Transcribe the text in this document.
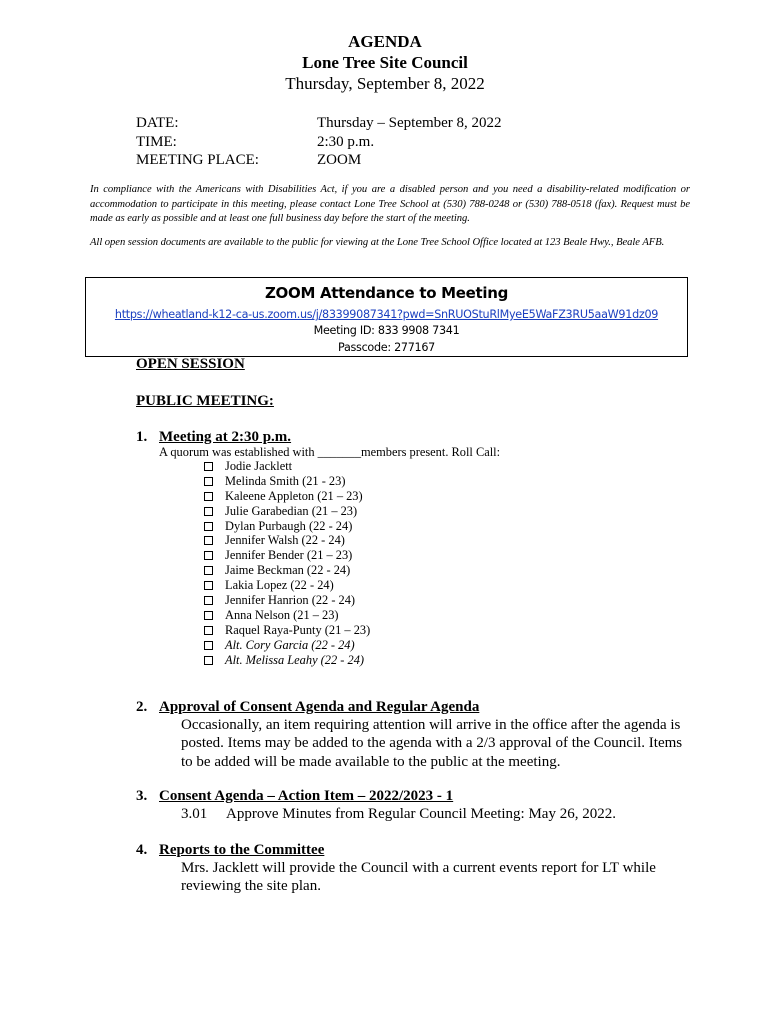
AGENDA
Lone Tree Site Council
Thursday, September 8, 2022
DATE:	Thursday – September 8, 2022
TIME:	2:30 p.m.
MEETING PLACE:	ZOOM
In compliance with the Americans with Disabilities Act, if you are a disabled person and you need a disability-related modification or accommodation to participate in this meeting, please contact Lone Tree School at (530) 788-0248 or (530) 788-0518 (fax). Request must be made as early as possible and at least one full business day before the start of the meeting.
All open session documents are available to the public for viewing at the Lone Tree School Office located at 123 Beale Hwy., Beale AFB.
ZOOM Attendance to Meeting
https://wheatland-k12-ca-us.zoom.us/j/83399087341?pwd=SnRUOStuRlMyeE5WaFZ3RU5aaW91dz09
Meeting ID: 833 9908 7341
Passcode: 277167
OPEN SESSION
PUBLIC MEETING:
1. Meeting at 2:30 p.m.
A quorum was established with _______members present. Roll Call:
Jodie Jacklett
Melinda Smith (21 - 23)
Kaleene Appleton (21 – 23)
Julie Garabedian (21 – 23)
Dylan Purbaugh (22 - 24)
Jennifer Walsh (22 - 24)
Jennifer Bender (21 – 23)
Jaime Beckman (22 - 24)
Lakia Lopez (22 - 24)
Jennifer Hanrion (22 - 24)
Anna Nelson (21 – 23)
Raquel Raya-Punty (21 – 23)
Alt. Cory Garcia (22 - 24)
Alt. Melissa Leahy (22 - 24)
2. Approval of Consent Agenda and Regular Agenda
Occasionally, an item requiring attention will arrive in the office after the agenda is posted. Items may be added to the agenda with a 2/3 approval of the Council. Items to be added will be made available to the public at the meeting.
3. Consent Agenda – Action Item – 2022/2023 - 1
3.01 Approve Minutes from Regular Council Meeting: May 26, 2022.
4. Reports to the Committee
Mrs. Jacklett will provide the Council with a current events report for LT while reviewing the site plan.
